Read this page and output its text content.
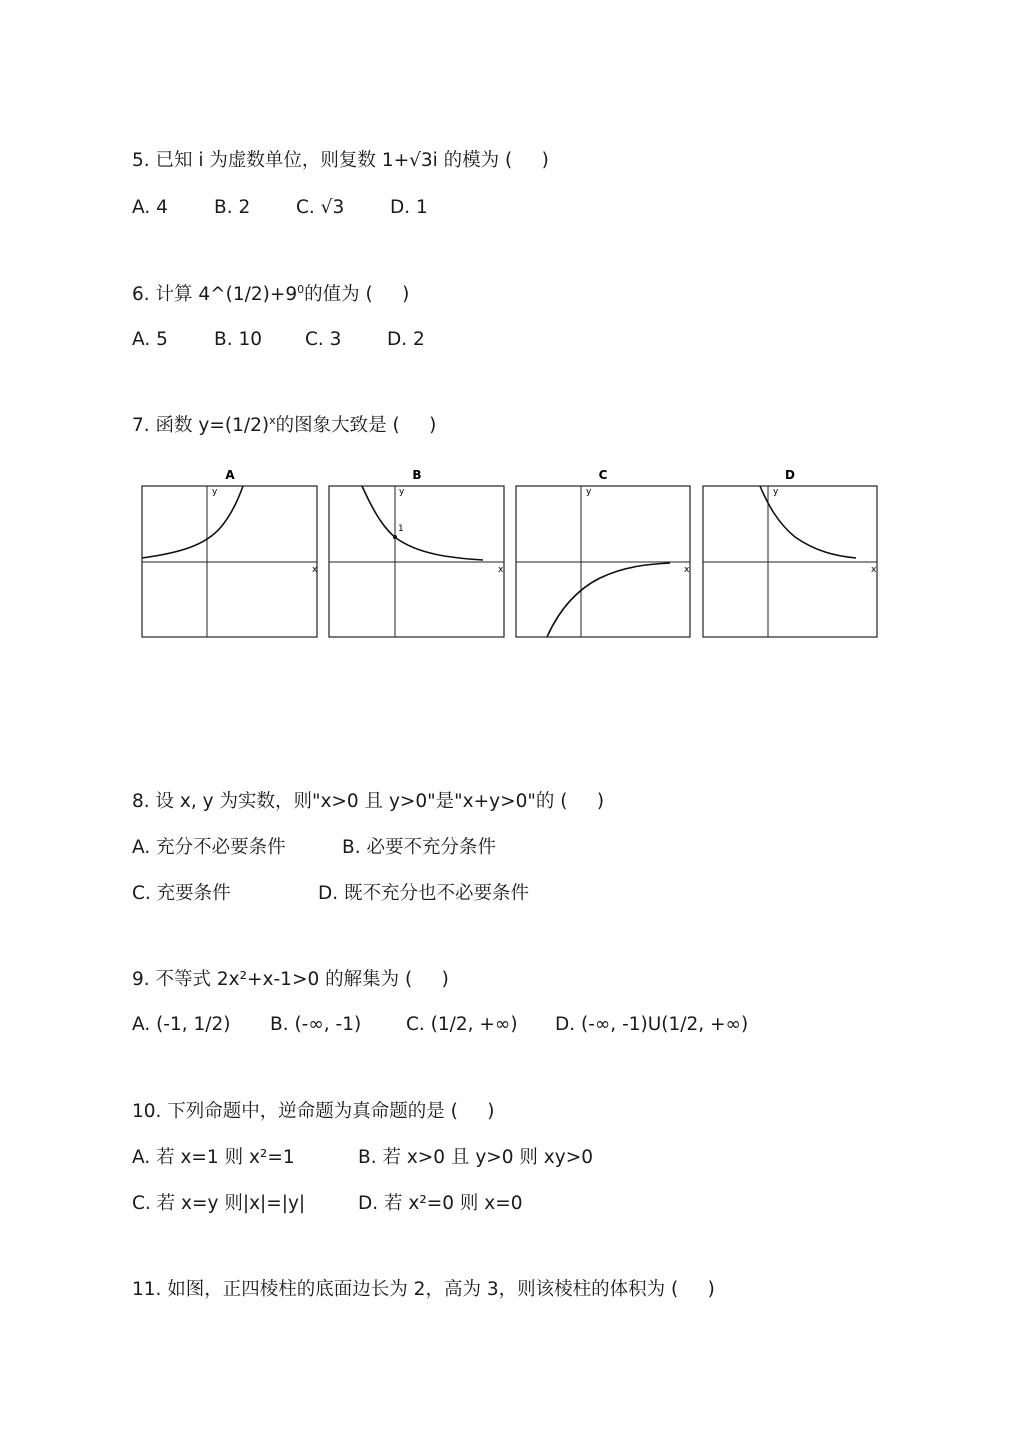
5. 已知 i 为虚数单位，则复数 1+√3i 的模为 (     )
A. 4 B. 2 C. √3 D. 1
6. 计算 $4\^{}(1/2)+9^0$的值为 (     )
A. 5 B. 10 C. 3 D. 2
7. 函数 $y=(1/2)^x$的图象大致是 (     )
A
y
x
B
y
x
1
C
y
x
D
y
x
8. 设 x, y 为实数，则"x>0 且 y>0"是"x+y>0"的 (     )
A. 充分不必要条件	B. 必要不充分条件
C. 充要条件	D. 既不充分也不必要条件
9. 不等式 2x²+x-1>0 的解集为 (     )
A. (-1, 1/2) B. (-∞, -1) C. (1/2, +∞) D. (-∞, -1)U(1/2, +∞)
10. 下列命题中，逆命题为真命题的是 (     )
A. 若 x=1 则 x²=1	B. 若 x>0 且 y>0 则 xy>0
C. 若 x=y 则|x|=|y|	D. 若 x²=0 则 x=0
11. 如图，正四棱柱的底面边长为 2，高为 3，则该棱柱的体积为 (     )
